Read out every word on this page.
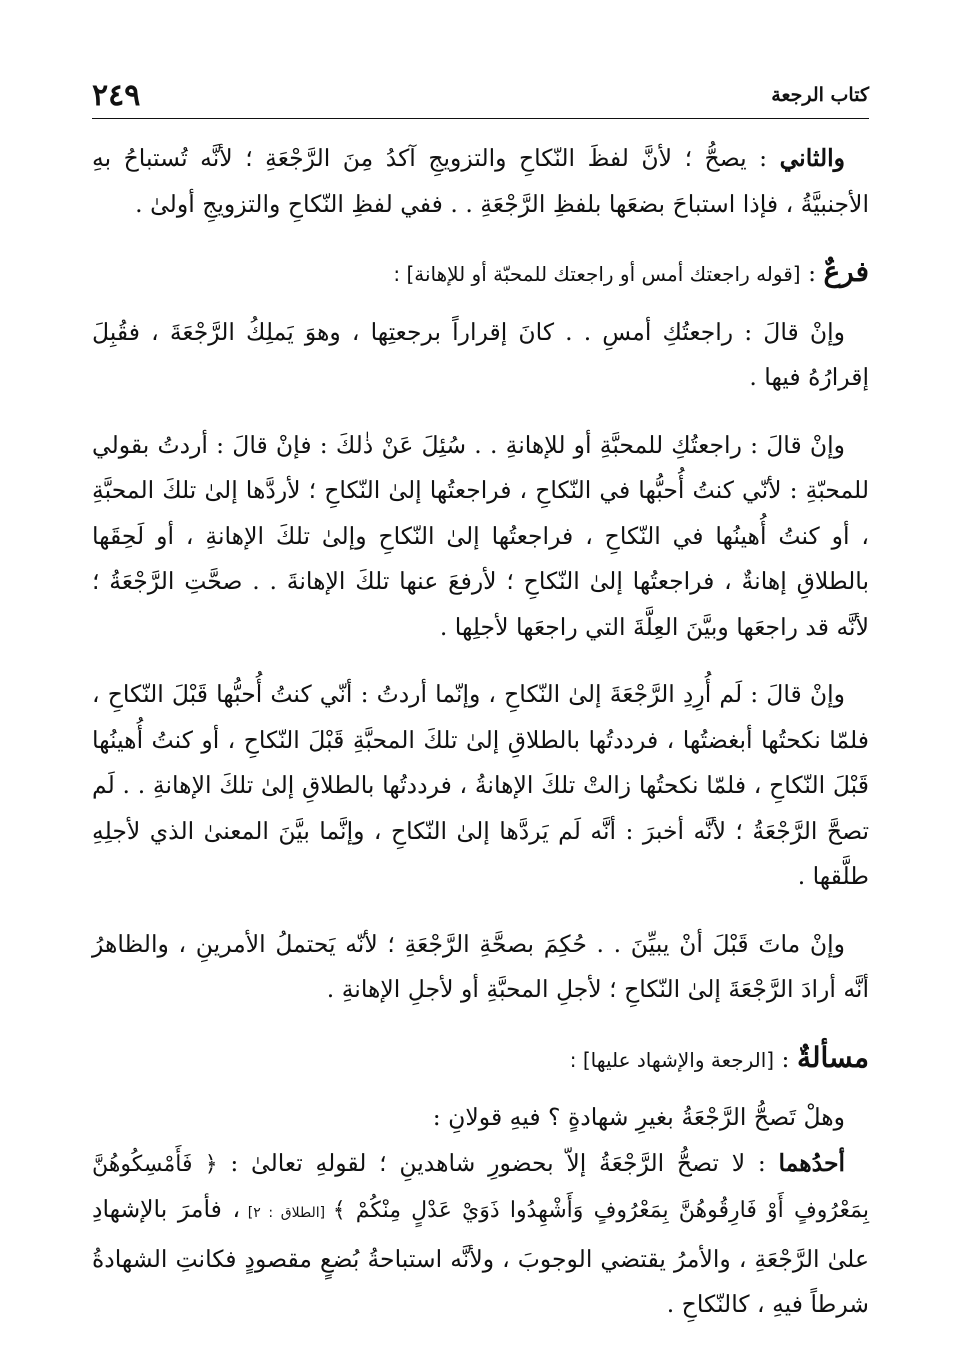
كتاب الرجعة
٢٤٩

والثاني : يصحُّ ؛ لأنَّ لفظَ النّكاحِ والتزويجِ آكدُ مِنَ الرَّجْعَةِ ؛ لأنَّه تُستباحُ بهِ الأجنبيَّةُ ، فإذا استباحَ بضعَها بلفظِ الرَّجْعَةِ . . ففي لفظِ النّكاحِ والتزويجِ أولىٰ .

فرعٌ : [قوله راجعتك أمس أو راجعتك للمحبّة أو للإهانة] :

وإنْ قالَ : راجعتُكِ أمسِ . . كانَ إقراراً برجعتِها ، وهوَ يَملِكُ الرَّجْعَةَ ، فقُبِلَ إقرارُهُ فيها .

وإنْ قالَ : راجعتُكِ للمحبَّةِ أو للإهانةِ . . سُئِلَ عَنْ ذٰلكَ : فإنْ قالَ : أردتُ بقولي للمحبّةِ : لأنّي كنتُ أُحبُّها في النّكاحِ ، فراجعتُها إلىٰ النّكاحِ ؛ لأردَّها إلىٰ تلكَ المحبَّةِ ، أو كنتُ أُهينُها في النّكاحِ ، فراجعتُها إلىٰ النّكاحِ وإلىٰ تلكَ الإهانةِ ، أو لَحِقَها بالطلاقِ إهانةٌ ، فراجعتُها إلىٰ النّكاحِ ؛ لأرفعَ عنها تلكَ الإهانةَ . . صحَّتِ الرَّجْعَةُ ؛ لأنَّه قد راجعَها وبيَّنَ العِلَّةَ التي راجعَها لأجلِها .

وإنْ قالَ : لَم أُرِدِ الرَّجْعَةَ إلىٰ النّكاحِ ، وإنّما أردتُ : أنّي كنتُ أُحبُّها قَبْلَ النّكاحِ ، فلمّا نكحتُها أبغضتُها ، فرددتُها بالطلاقِ إلىٰ تلكَ المحبَّةِ قَبْلَ النّكاحِ ، أو كنتُ أُهينُها قَبْلَ النّكاحِ ، فلمّا نكحتُها زالتْ تلكَ الإهانةُ ، فرددتُها بالطلاقِ إلىٰ تلكَ الإهانةِ . . لَم تصحَّ الرَّجْعَةُ ؛ لأنَّه أخبرَ : أنَّه لَم يَردَّها إلىٰ النّكاحِ ، وإنَّما بيَّنَ المعنىٰ الذي لأجلِهِ طلَّقها .

وإنْ ماتَ قَبْلَ أنْ يبيِّنَ . . حُكِمَ بصحَّةِ الرَّجْعَةِ ؛ لأنّه يَحتملُ الأمرينِ ، والظاهرُ أنَّه أرادَ الرَّجْعَةَ إلىٰ النّكاحِ ؛ لأجلِ المحبَّةِ أو لأجلِ الإهانةِ .

مسألةٌ : [الرجعة والإشهاد عليها] :

وهلْ تَصحُّ الرَّجْعَةُ بغيرِ شهادةٍ ؟ فيهِ قولانِ :

أحدُهما : لا تصحُّ الرَّجْعَةُ إلاّ بحضورِ شاهدينِ ؛ لقولهِ تعالىٰ : ﴿ فَأَمْسِكُوهُنَّ بِمَعْرُوفٍ أَوْ فَارِقُوهُنَّ بِمَعْرُوفٍ وَأَشْهِدُوا ذَوَيْ عَدْلٍ مِنْكُمْ ﴾ [الطلاق : ٢] ، فأمرَ بالإشهادِ علىٰ الرَّجْعَةِ ، والأمرُ يقتضي الوجوبَ ، ولأنَّه استباحةُ بُضعٍ مقصودٍ فكانتِ الشهادةُ شرطاً فيهِ ، كالنّكاحِ .
